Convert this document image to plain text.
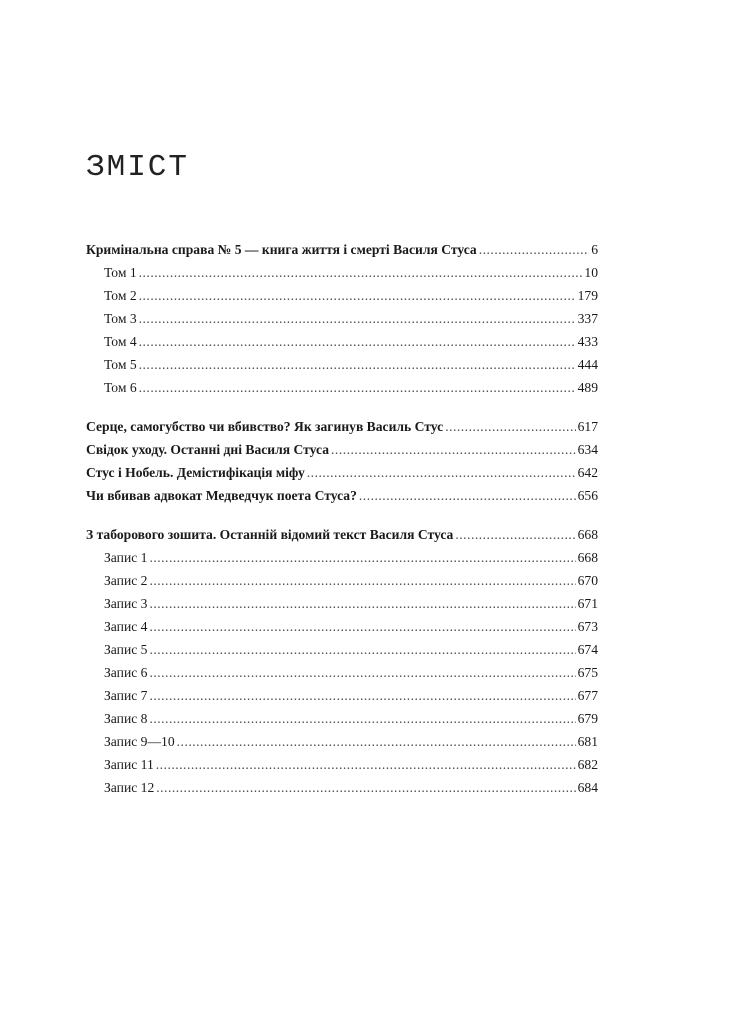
ЗМІСТ
Кримінальна справа № 5 — книга життя і смерті Василя Стуса .....	6
Том 1 .....	10
Том 2 .....	179
Том 3 .....	337
Том 4 .....	433
Том 5 .....	444
Том 6 .....	489
Серце, самогубство чи вбивство? Як загинув Василь Стус .....	617
Свідок уходу. Останні дні Василя Стуса .....	634
Стус і Нобель. Демістифікація міфу .....	642
Чи вбивав адвокат Медведчук поета Стуса? .....	656
З таборового зошита. Останній відомий текст Василя Стуса .....	668
Запис 1 .....	668
Запис 2 .....	670
Запис 3 .....	671
Запис 4 .....	673
Запис 5 .....	674
Запис 6 .....	675
Запис 7 .....	677
Запис 8 .....	679
Запис 9—10 .....	681
Запис 11 .....	682
Запис 12 .....	684
